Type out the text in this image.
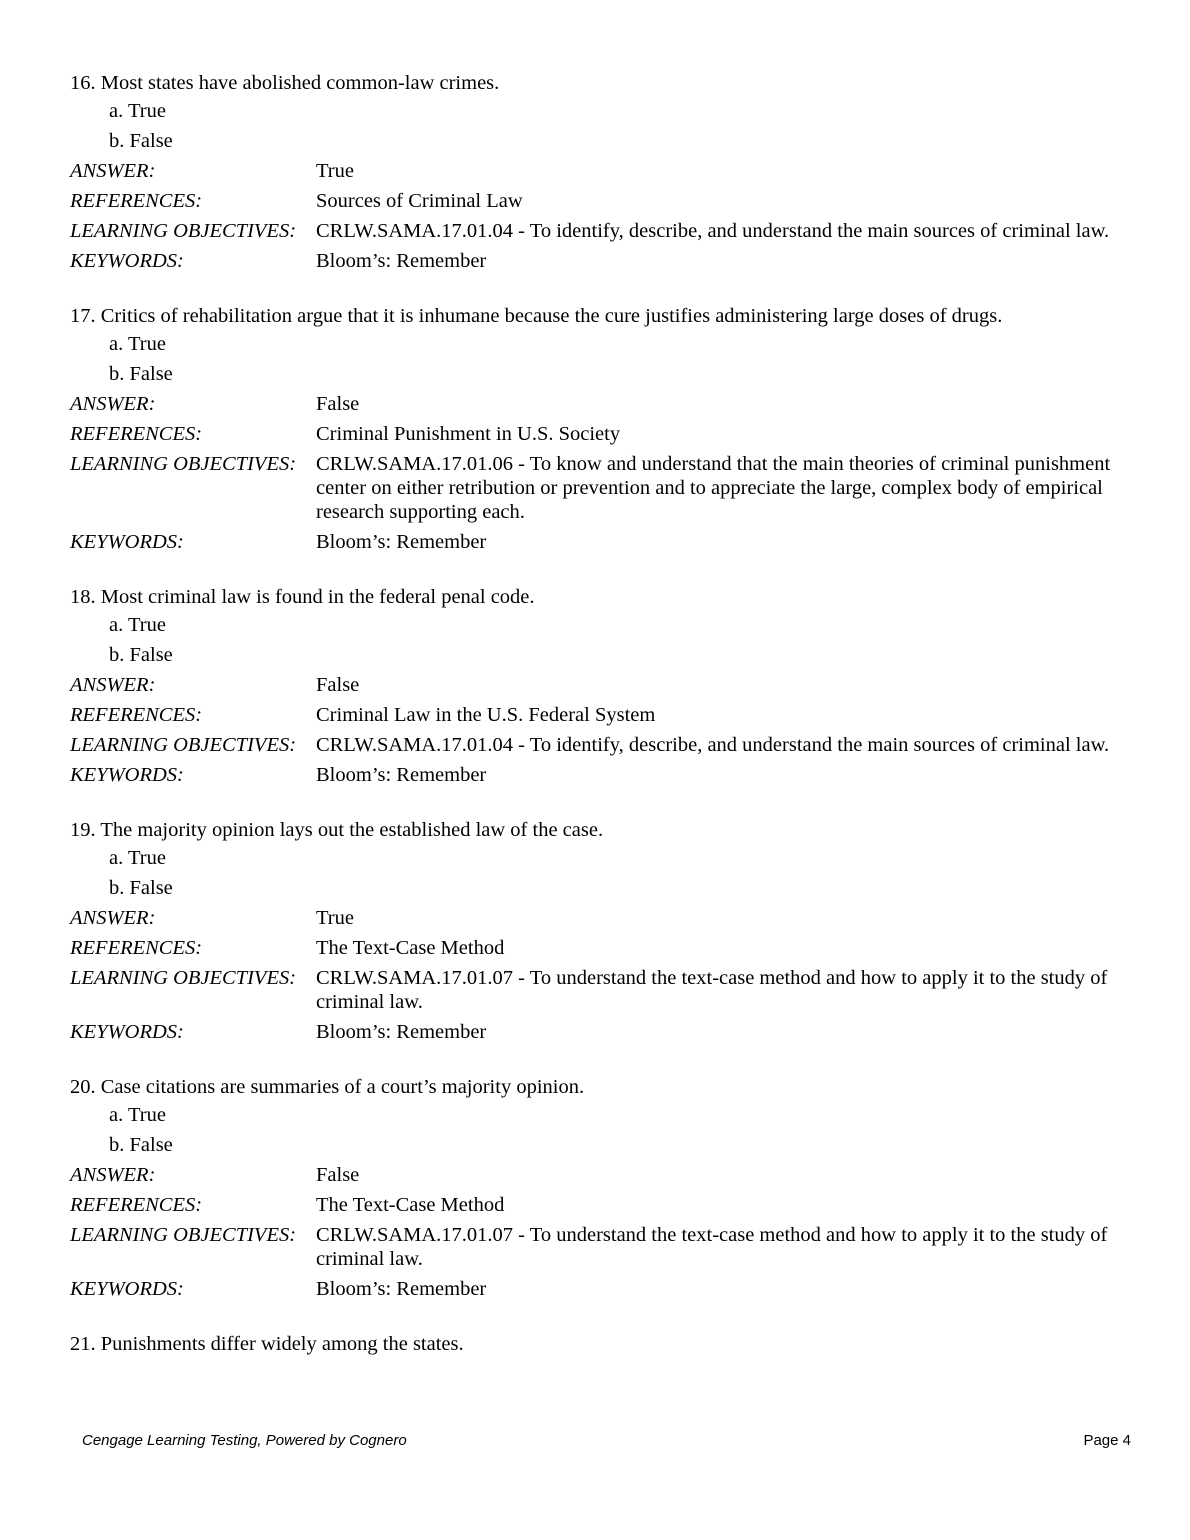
16. Most states have abolished common-law crimes.

a. True
b. False
ANSWER:	True
REFERENCES:	Sources of Criminal Law
LEARNING OBJECTIVES: CRLW.SAMA.17.01.04 - To identify, describe, and understand the main sources of criminal law.
KEYWORDS:	Bloom’s: Remember

17. Critics of rehabilitation argue that it is inhumane because the cure justifies administering large doses of drugs.

a. True
b. False
ANSWER:	False
REFERENCES:	Criminal Punishment in U.S. Society
LEARNING OBJECTIVES: CRLW.SAMA.17.01.06 - To know and understand that the main theories of criminal punishment center on either retribution or prevention and to appreciate the large, complex body of empirical research supporting each.
KEYWORDS:	Bloom’s: Remember

18. Most criminal law is found in the federal penal code.

a. True
b. False
ANSWER:	False
REFERENCES:	Criminal Law in the U.S. Federal System
LEARNING OBJECTIVES: CRLW.SAMA.17.01.04 - To identify, describe, and understand the main sources of criminal law.
KEYWORDS:	Bloom’s: Remember

19. The majority opinion lays out the established law of the case.

a. True
b. False
ANSWER:	True
REFERENCES:	The Text-Case Method
LEARNING OBJECTIVES: CRLW.SAMA.17.01.07 - To understand the text-case method and how to apply it to the study of criminal law.
KEYWORDS:	Bloom’s: Remember

20. Case citations are summaries of a court’s majority opinion.

a. True
b. False
ANSWER:	False
REFERENCES:	The Text-Case Method
LEARNING OBJECTIVES: CRLW.SAMA.17.01.07 - To understand the text-case method and how to apply it to the study of criminal law.
KEYWORDS:	Bloom’s: Remember

21. Punishments differ widely among the states.

Cengage Learning Testing, Powered by Cognero	Page 4
